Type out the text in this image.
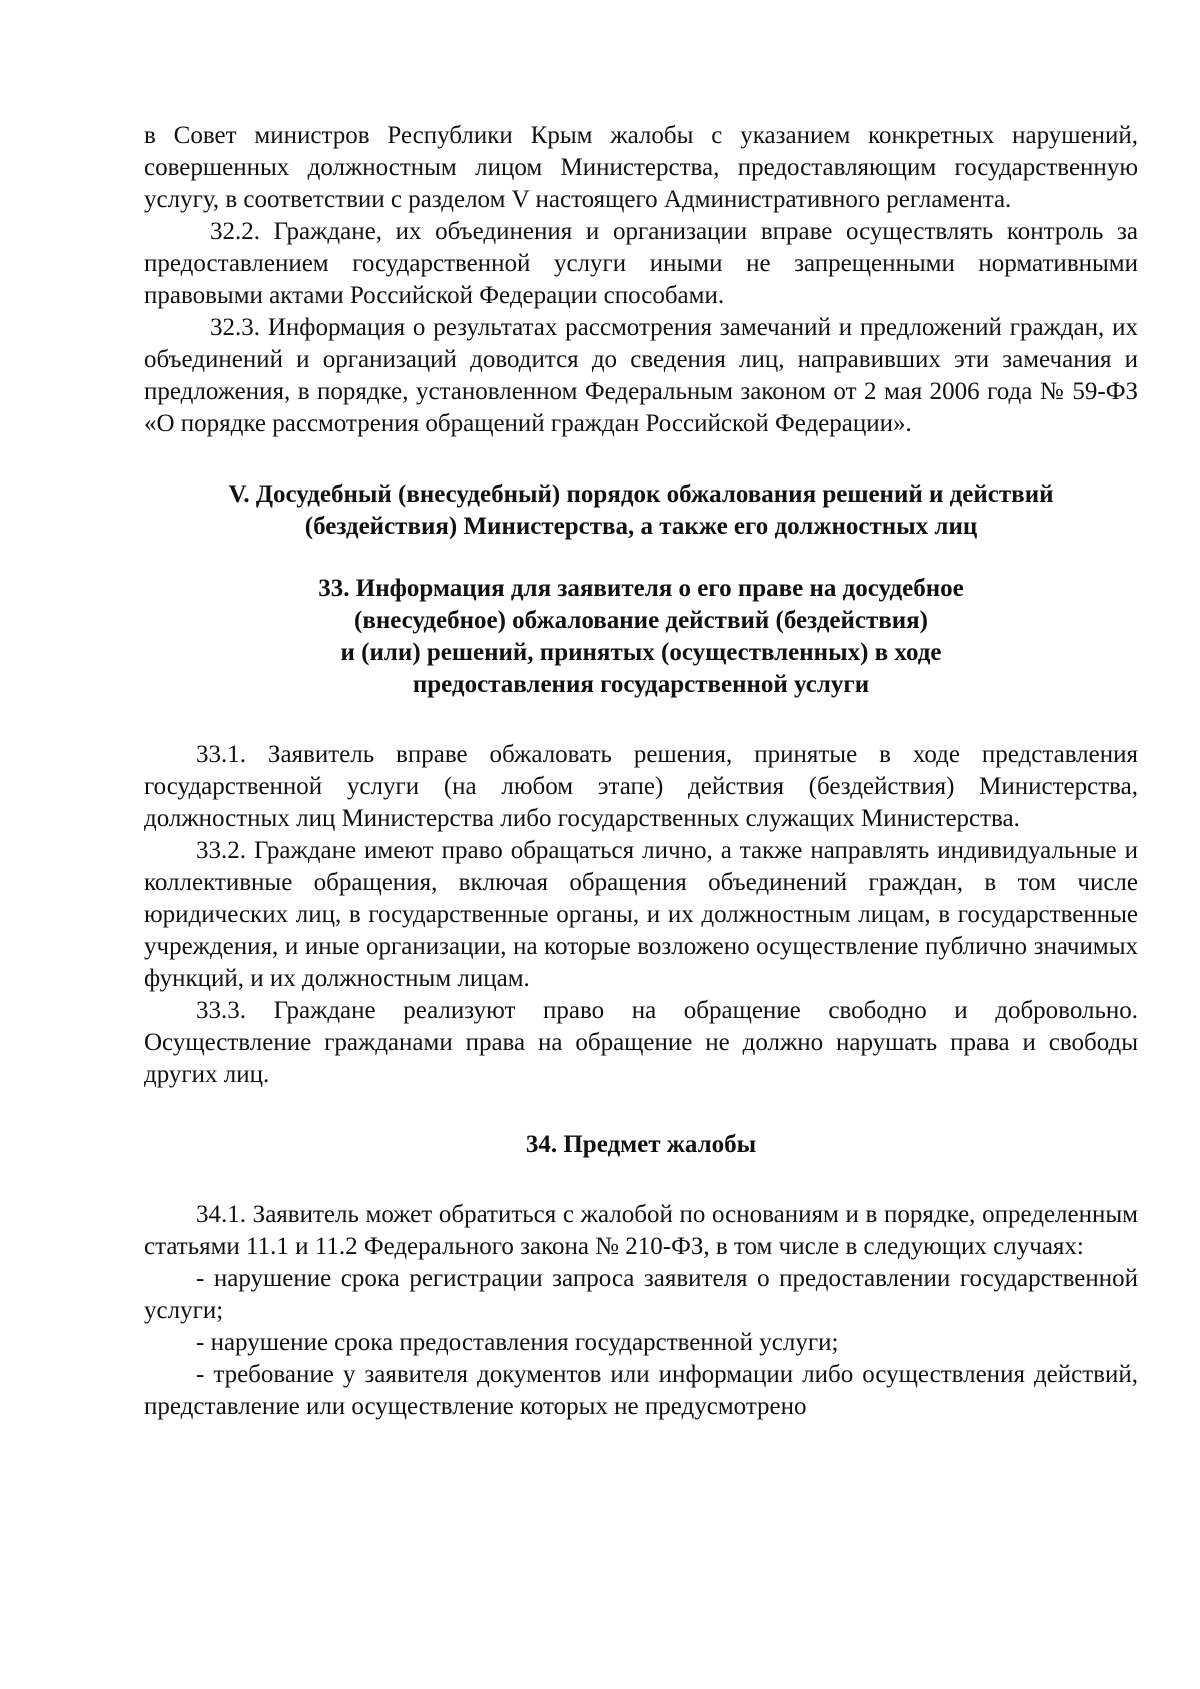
в Совет министров Республики Крым жалобы с указанием конкретных нарушений, совершенных должностным лицом Министерства, предоставляющим государственную услугу, в соответствии с разделом V настоящего Административного регламента.

32.2. Граждане, их объединения и организации вправе осуществлять контроль за предоставлением государственной услуги иными не запрещенными нормативными правовыми актами Российской Федерации способами.

32.3. Информация о результатах рассмотрения замечаний и предложений граждан, их объединений и организаций доводится до сведения лиц, направивших эти замечания и предложения, в порядке, установленном Федеральным законом от 2 мая 2006 года № 59-ФЗ «О порядке рассмотрения обращений граждан Российской Федерации».

V. Досудебный (внесудебный) порядок обжалования решений и действий
(бездействия) Министерства, а также его должностных лиц
33. Информация для заявителя о его праве на досудебное
(внесудебное) обжалование действий (бездействия)
и (или) решений, принятых (осуществленных) в ходе
предоставления государственной услуги

33.1. Заявитель вправе обжаловать решения, принятые в ходе представления государственной услуги (на любом этапе) действия (бездействия) Министерства, должностных лиц Министерства либо государственных служащих Министерства.

33.2. Граждане имеют право обращаться лично, а также направлять индивидуальные и коллективные обращения, включая обращения объединений граждан, в том числе юридических лиц, в государственные органы, и их должностным лицам, в государственные учреждения, и иные организации, на которые возложено осуществление публично значимых функций, и их должностным лицам.

33.3. Граждане реализуют право на обращение свободно и добровольно. Осуществление гражданами права на обращение не должно нарушать права и свободы других лиц.

34. Предмет жалобы

34.1. Заявитель может обратиться с жалобой по основаниям и в порядке, определенным статьями 11.1 и 11.2 Федерального закона № 210-ФЗ, в том числе в следующих случаях:

- нарушение срока регистрации запроса заявителя о предоставлении государственной услуги;

- нарушение срока предоставления государственной услуги;

- требование у заявителя документов или информации либо осуществления действий, представление или осуществление которых не предусмотрено
